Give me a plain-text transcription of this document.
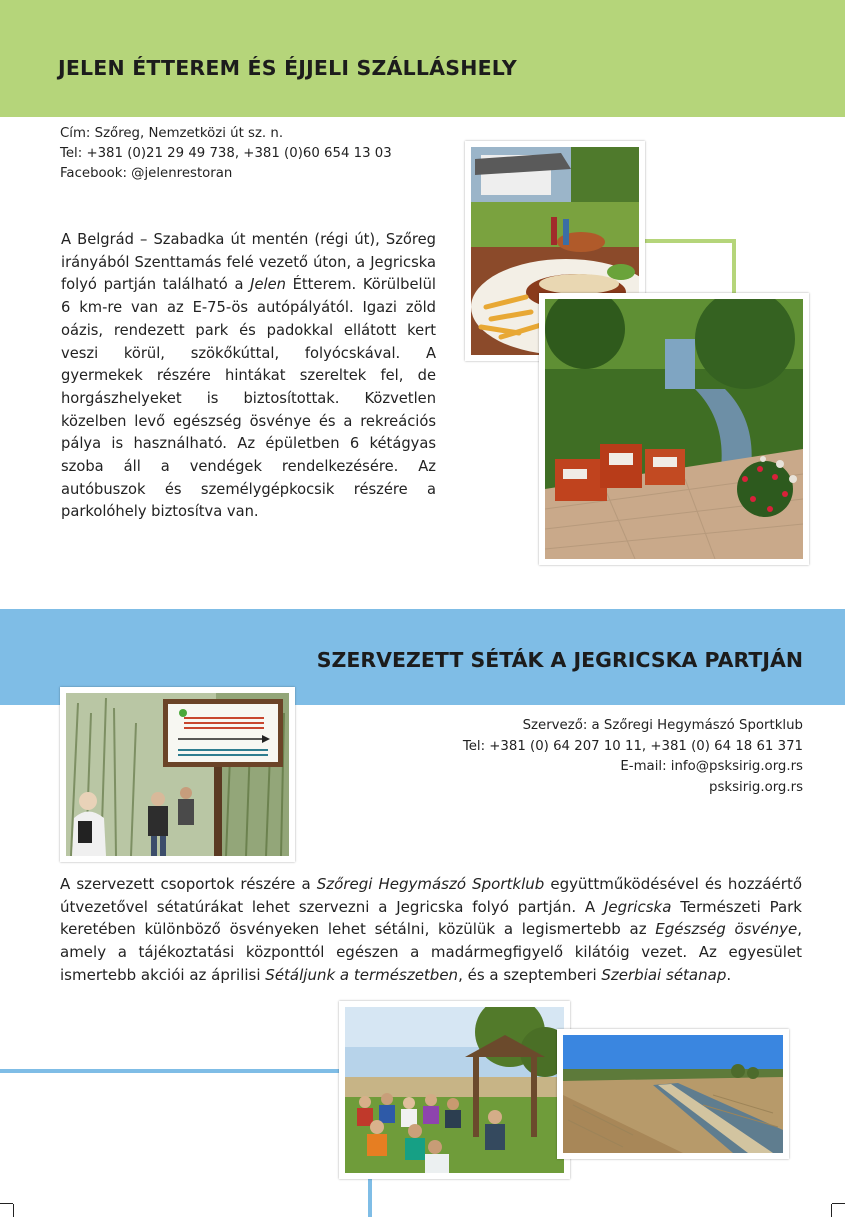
JELEN ÉTTEREM ÉS ÉJJELI SZÁLLÁSHELY
Cím: Szőreg, Nemzetközi út sz. n.
Tel: +381 (0)21 29 49 738, +381 (0)60 654 13 03
Facebook: @jelenrestoran

A Belgrád – Szabadka út mentén (régi út), Szőreg irányából Szenttamás felé vezető úton, a Jegricska folyó partján található a Jelen Étterem. Körülbelül 6 km-re van az E-75-ös autópályától. Igazi zöld oázis, rendezett park és padokkal ellátott kert veszi körül, szökőkúttal, folyócskával. A gyermekek részére hintákat szereltek fel, de horgászhelyeket is biztosítottak. Közvetlen közelben levő egészség ösvénye és a rekreációs pálya is használható. Az épületben 6 kétágyas szoba áll a vendégek rendelkezésére. Az autóbuszok és személygépkocsik részére a parkolóhely biztosítva van.

SZERVEZETT SÉTÁK A JEGRICSKA PARTJÁN
Szervező: a Szőregi Hegymászó Sportklub
Tel: +381 (0) 64 207 10 11, +381 (0) 64 18 61 371
E-mail: info@psksirig.org.rs
psksirig.org.rs

A szervezett csoportok részére a Szőregi Hegymászó Sportklub együttműködésével és hozzáértő útvezetővel sétatúrákat lehet szervezni a Jegricska folyó partján. A Jegricska Természeti Park keretében különböző ösvényeken lehet sétálni, közülük a legismertebb az Egészség ösvénye, amely a tájékoztatási központtól egészen a madármegfigyelő kilátóig vezet. Az egyesület ismertebb akciói az áprilisi Sétáljunk a természetben, és a szeptemberi Szerbiai sétanap.
